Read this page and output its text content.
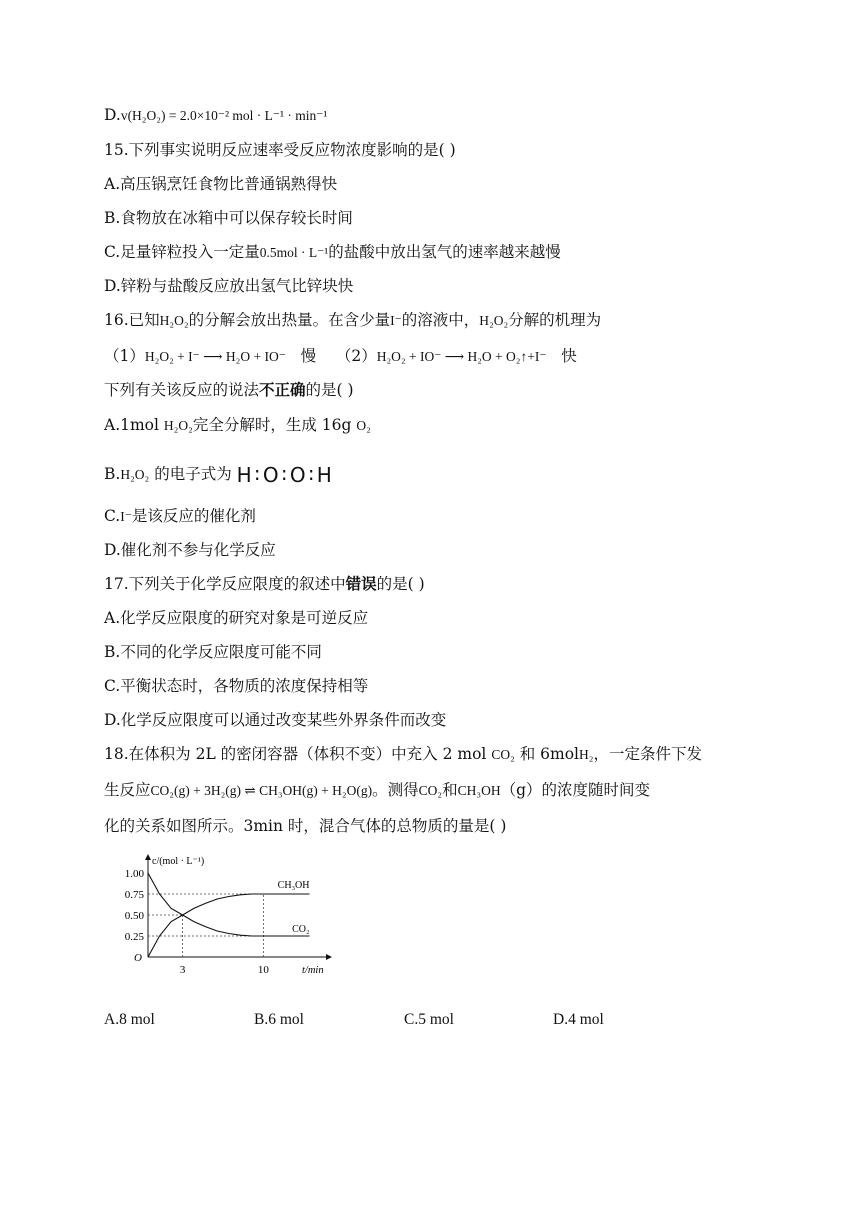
D.v(H₂O₂) = 2.0×10⁻² mol · L⁻¹ · min⁻¹
15.下列事实说明反应速率受反应物浓度影响的是( )
A.高压锅烹饪食物比普通锅熟得快
B.食物放在冰箱中可以保存较长时间
C.足量锌粒投入一定量0.5mol · L⁻¹的盐酸中放出氢气的速率越来越慢
D.锌粉与盐酸反应放出氢气比锌块快
16.已知H₂O₂的分解会放出热量。在含少量I⁻的溶液中，H₂O₂分解的机理为
（1）H₂O₂ + I⁻ ⟶ H₂O + IO⁻ 慢 （2）H₂O₂ + IO⁻ ⟶ H₂O + O₂↑+I⁻ 快
下列有关该反应的说法不正确的是( )
A.1mol H₂O₂完全分解时，生成 16g O₂
B.H₂O₂ 的电子式为 H∶O∶O∶H
C.I⁻是该反应的催化剂
D.催化剂不参与化学反应
17.下列关于化学反应限度的叙述中错误的是( )
A.化学反应限度的研究对象是可逆反应
B.不同的化学反应限度可能不同
C.平衡状态时，各物质的浓度保持相等
D.化学反应限度可以通过改变某些外界条件而改变
18.在体积为 2L 的密闭容器（体积不变）中充入 2 mol CO₂ 和 6molH₂，一定条件下发
生反应CO₂(g) + 3H₂(g) ⇌ CH₃OH(g) + H₂O(g)。测得CO₂和CH₃OH（g）的浓度随时间变
化的关系如图所示。3min 时，混合气体的总物质的量是( )
1.00
0.75
0.50
0.25
O
c/(mol · L⁻¹)
t/min
3	10
CH₃OH
CO₂
A.8 mol	B.6 mol	C.5 mol	D.4 mol
